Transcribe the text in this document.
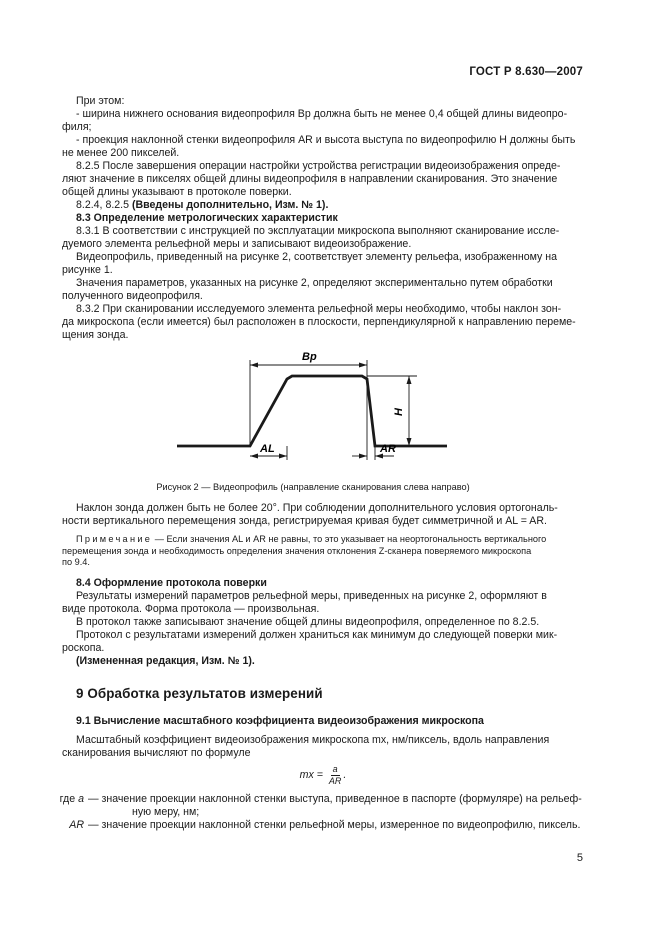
ГОСТ Р 8.630—2007

При этом:

- ширина нижнего основания видеопрофиля Bp должна быть не менее 0,4 общей длины видеопро-

филя;

- проекция наклонной стенки видеопрофиля AR и высота выступа по видеопрофилю H должны быть

не менее 200 пикселей.

8.2.5 После завершения операции настройки устройства регистрации видеоизображения опреде-

ляют значение в пикселях общей длины видеопрофиля в направлении сканирования. Это значение

общей длины указывают в протоколе поверки.

8.2.4, 8.2.5 (Введены дополнительно, Изм. № 1).

8.3 Определение метрологических характеристик

8.3.1 В соответствии с инструкцией по эксплуатации микроскопа выполняют сканирование иссле-

дуемого элемента рельефной меры и записывают видеоизображение.

Видеопрофиль, приведенный на рисунке 2, соответствует элементу рельефа, изображенному на

рисунке 1.

Значения параметров, указанных на рисунке 2, определяют экспериментально путем обработки

полученного видеопрофиля.

8.3.2 При сканировании исследуемого элемента рельефной меры необходимо, чтобы наклон зон-

да микроскопа (если имеется) был расположен в плоскости, перпендикулярной к направлению переме-

щения зонда.

Bp
H
AL	AR
Рисунок 2 — Видеопрофиль (направление сканирования слева направо)

Наклон зонда должен быть не более 20°. При соблюдении дополнительного условия ортогональ-

ности вертикального перемещения зонда, регистрируемая кривая будет симметричной и AL = AR.

Примечание — Если значения AL и AR не равны, то это указывает на неортогональность вертикального

перемещения зонда и необходимость определения значения отклонения Z-сканера поверяемого микроскопа

по 9.4.

8.4 Оформление протокола поверки

Результаты измерений параметров рельефной меры, приведенных на рисунке 2, оформляют в

виде протокола. Форма протокола — произвольная.

В протокол также записывают значение общей длины видеопрофиля, определенное по 8.2.5.

Протокол с результатами измерений должен храниться как минимум до следующей поверки мик-

роскопа.

(Измененная редакция, Изм. № 1).

9 Обработка результатов измерений

9.1 Вычисление масштабного коэффициента видеоизображения микроскопа

Масштабный коэффициент видеоизображения микроскопа mx, нм/пиксель, вдоль направления

сканирования вычисляют по формуле

mx = $\frac{a}{AR}$ .
где a — значение проекции наклонной стенки выступа, приведенное в паспорте (формуляре) на рельеф-
ную меру, нм;
AR — значение проекции наклонной стенки рельефной меры, измеренное по видеопрофилю, пиксель.
5
